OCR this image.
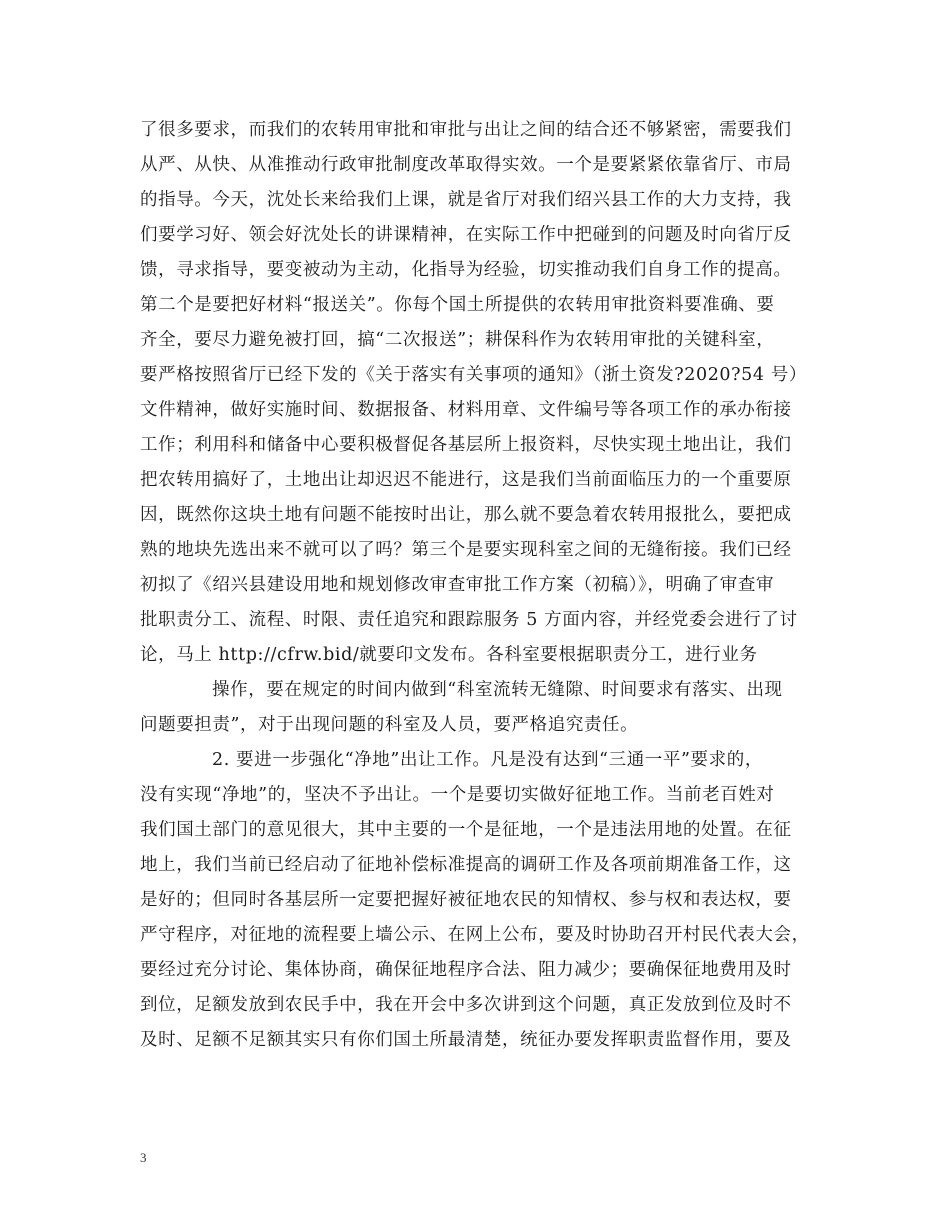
了很多要求，而我们的农转用审批和审批与出让之间的结合还不够紧密，需要我们
从严、从快、从准推动行政审批制度改革取得实效。一个是要紧紧依靠省厅、市局
的指导。今天，沈处长来给我们上课，就是省厅对我们绍兴县工作的大力支持，我
们要学习好、领会好沈处长的讲课精神，在实际工作中把碰到的问题及时向省厅反
馈，寻求指导，要变被动为主动，化指导为经验，切实推动我们自身工作的提高。
第二个是要把好材料“报送关”。你每个国土所提供的农转用审批资料要准确、要
齐全，要尽力避免被打回，搞“二次报送”；耕保科作为农转用审批的关键科室，
要严格按照省厅已经下发的《关于落实有关事项的通知》（浙土资发?2020?54 号）
文件精神，做好实施时间、数据报备、材料用章、文件编号等各项工作的承办衔接
工作；利用科和储备中心要积极督促各基层所上报资料，尽快实现土地出让，我们
把农转用搞好了，土地出让却迟迟不能进行，这是我们当前面临压力的一个重要原
因，既然你这块土地有问题不能按时出让，那么就不要急着农转用报批么，要把成
熟的地块先选出来不就可以了吗？第三个是要实现科室之间的无缝衔接。我们已经
初拟了《绍兴县建设用地和规划修改审查审批工作方案（初稿）》，明确了审查审
批职责分工、流程、时限、责任追究和跟踪服务 5 方面内容，并经党委会进行了讨
论，马上 http://cfrw.bid/就要印文发布。各科室要根据职责分工，进行业务
操作，要在规定的时间内做到“科室流转无缝隙、时间要求有落实、出现
问题要担责”，对于出现问题的科室及人员，要严格追究责任。
2. 要进一步强化“净地”出让工作。凡是没有达到“三通一平”要求的，
没有实现“净地”的，坚决不予出让。一个是要切实做好征地工作。当前老百姓对
我们国土部门的意见很大，其中主要的一个是征地，一个是违法用地的处置。在征
地上，我们当前已经启动了征地补偿标准提高的调研工作及各项前期准备工作，这
是好的；但同时各基层所一定要把握好被征地农民的知情权、参与权和表达权，要
严守程序，对征地的流程要上墙公示、在网上公布，要及时协助召开村民代表大会，
要经过充分讨论、集体协商，确保征地程序合法、阻力减少；要确保征地费用及时
到位，足额发放到农民手中，我在开会中多次讲到这个问题，真正发放到位及时不
及时、足额不足额其实只有你们国土所最清楚，统征办要发挥职责监督作用，要及
3
